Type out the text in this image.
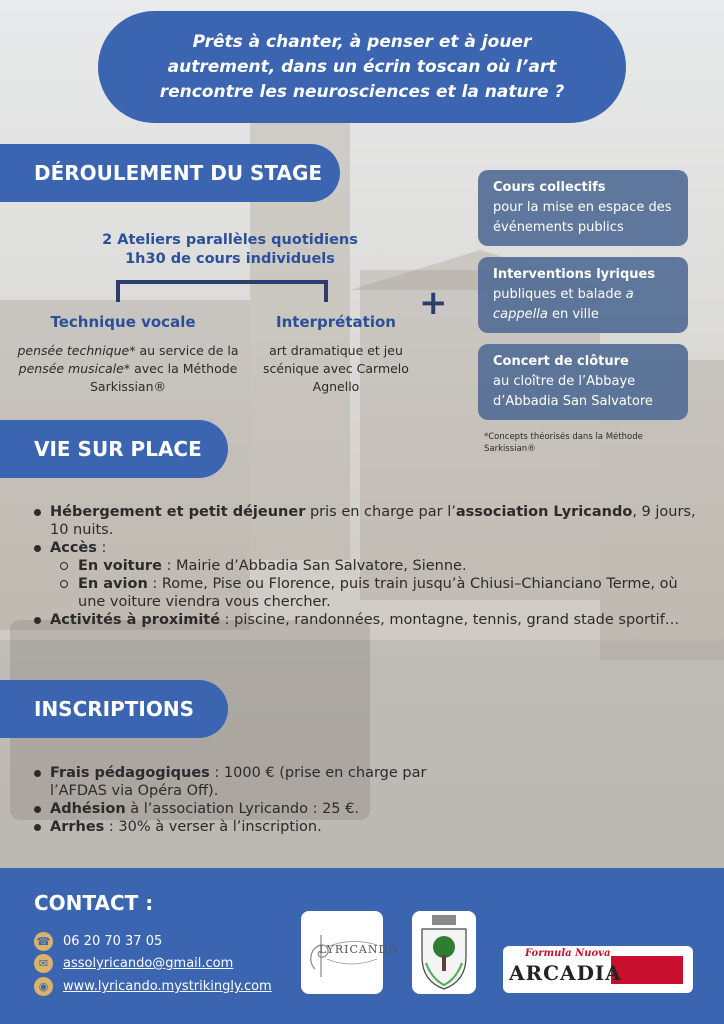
Prêts à chanter, à penser et à jouer autrement, dans un écrin toscan où l’art rencontre les neurosciences et la nature ?
DÉROULEMENT DU STAGE
2 Ateliers parallèles quotidiens
1h30 de cours individuels
Technique vocale	Interprétation
pensée technique* au service de la pensée musicale* avec la Méthode Sarkissian®
art dramatique et jeu scénique avec Carmelo Agnello
+
Cours collectifs
pour la mise en espace des événements publics
Interventions lyriques
publiques et balade a cappella en ville
Concert de clôture
au cloître de l’Abbaye d’Abbadia San Salvatore
*Concepts théorisés dans la Méthode Sarkissian®
VIE SUR PLACE
Hébergement et petit déjeuner pris en charge par l’association Lyricando, 9 jours, 10 nuits.
Accès :
En voiture : Mairie d’Abbadia San Salvatore, Sienne.
En avion : Rome, Pise ou Florence, puis train jusqu’à Chiusi–Chianciano Terme, où une voiture viendra vous chercher.
Activités à proximité : piscine, randonnées, montagne, tennis, grand stade sportif…
INSCRIPTIONS
Frais pédagogiques : 1000 € (prise en charge par l’AFDAS via Opéra Off).
Adhésion à l’association Lyricando : 25 €.
Arrhes : 30% à verser à l’inscription.
CONTACT :
☎ 06 20 70 37 05
✉	assolyricando@gmail.com
◉	www.lyricando.mystrikingly.com
LYRICANDO	Formula Nuova
ARCADIA
